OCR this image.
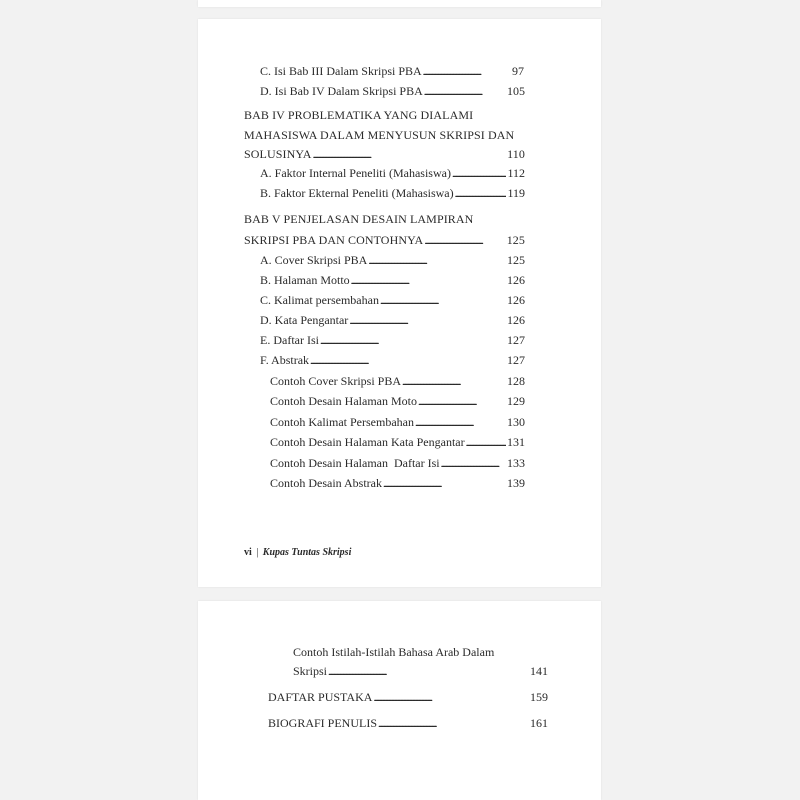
C. Isi Bab III Dalam Skripsi PBA . . .	97
D. Isi Bab IV Dalam Skripsi PBA . . .	105
BAB IV PROBLEMATIKA YANG DIALAMI
MAHASISWA DALAM MENYUSUN SKRIPSI DAN
SOLUSINYA . . .	110
A. Faktor Internal Peneliti (Mahasiswa) . . .	112
B. Faktor Ekternal Peneliti (Mahasiswa) . . .	119
BAB V PENJELASAN DESAIN LAMPIRAN
SKRIPSI PBA DAN CONTOHNYA . . .	125
A. Cover Skripsi PBA . . .	125
B. Halaman Motto . . .	126
C. Kalimat persembahan . . .	126
D. Kata Pengantar . . .	126
E. Daftar Isi . . .	127
F. Abstrak . . .	127
Contoh Cover Skripsi PBA . . .	128
Contoh Desain Halaman Moto . . .	129
Contoh Kalimat Persembahan . . .	130
Contoh Desain Halaman Kata Pengantar . . .	131
Contoh Desain Halaman  Daftar Isi . . .	133
Contoh Desain Abstrak . . .	139
vi | Kupas Tuntas Skripsi
Contoh Istilah-Istilah Bahasa Arab Dalam
Skripsi . . .	141
DAFTAR PUSTAKA . . .	159
BIOGRAFI PENULIS . . .	161
